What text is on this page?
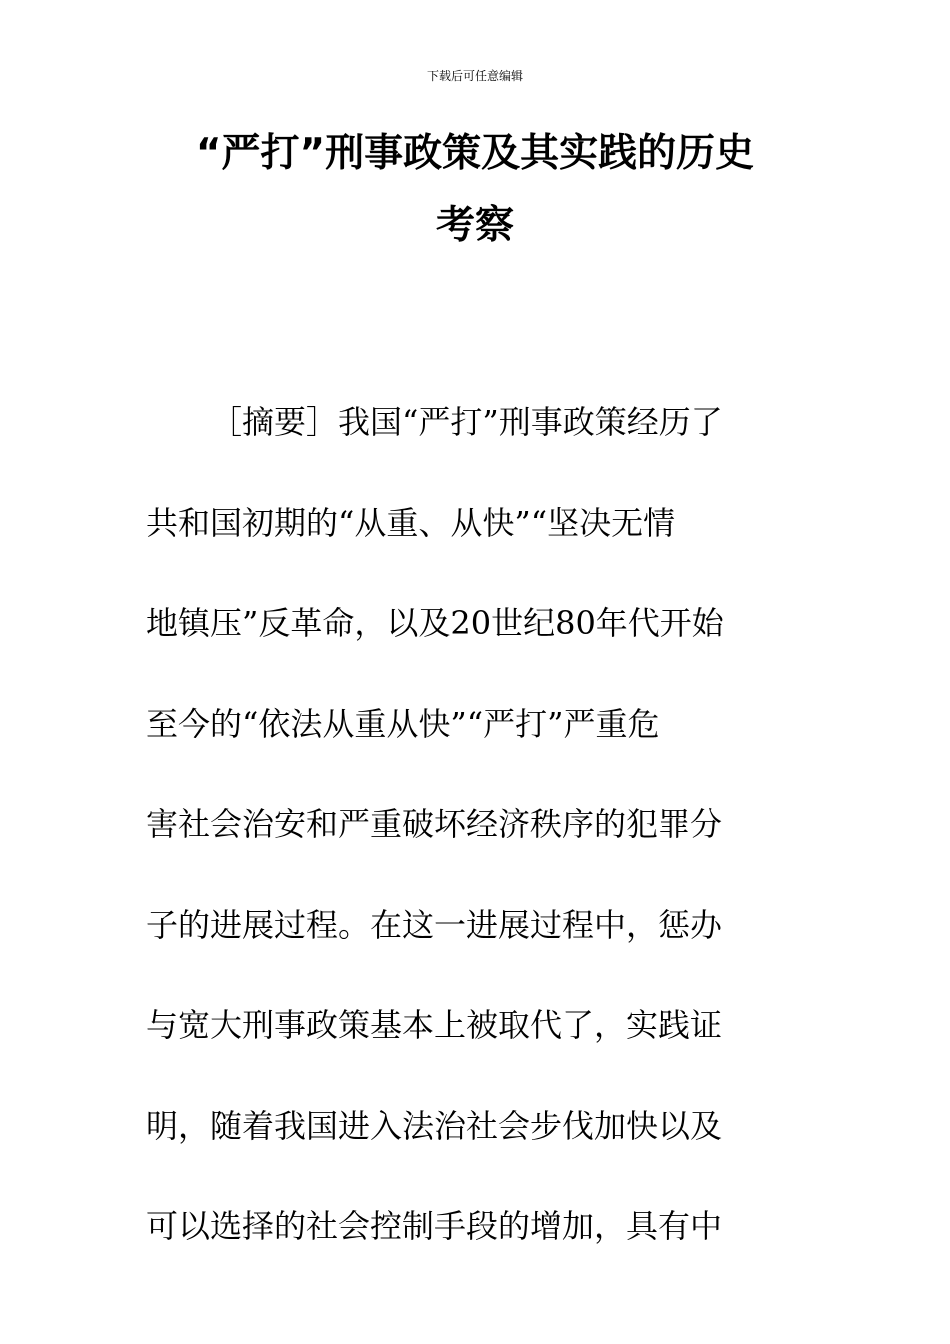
下载后可任意编辑
“严打”刑事政策及其实践的历史
考察
［摘要］我国“严打”刑事政策经历了
共和国初期的“从重、从快”“坚决无情
地镇压”反革命，以及20世纪80年代开始
至今的“依法从重从快”“严打”严重危
害社会治安和严重破坏经济秩序的犯罪分
子的进展过程。在这一进展过程中，惩办
与宽大刑事政策基本上被取代了，实践证
明，随着我国进入法治社会步伐加快以及
可以选择的社会控制手段的增加，具有中
